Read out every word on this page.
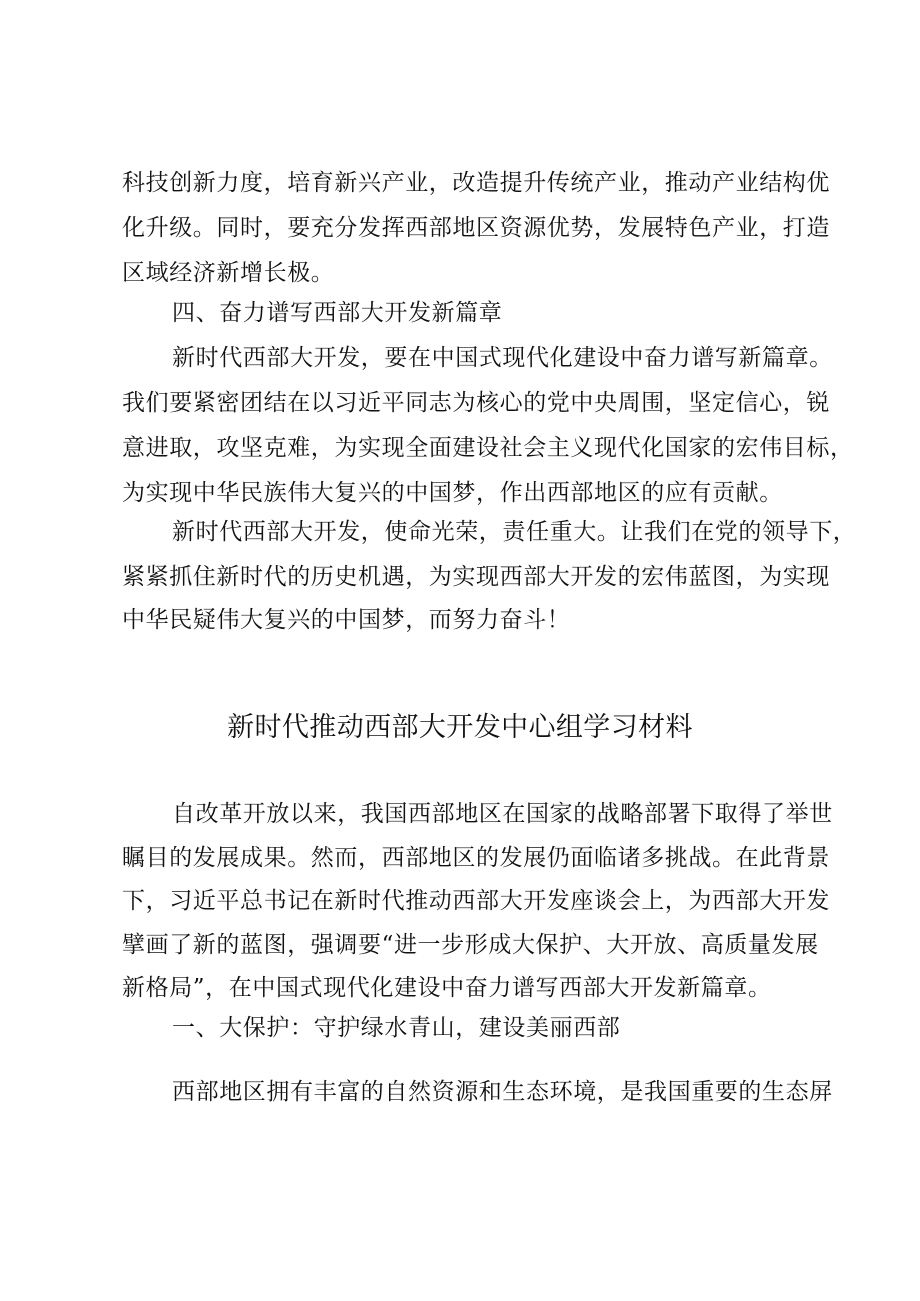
科技创新力度，培育新兴产业，改造提升传统产业，推动产业结构优
化升级。同时，要充分发挥西部地区资源优势，发展特色产业，打造
区域经济新增长极。
四、奋力谱写西部大开发新篇章
新时代西部大开发，要在中国式现代化建设中奋力谱写新篇章。
我们要紧密团结在以习近平同志为核心的党中央周围，坚定信心，锐
意进取，攻坚克难，为实现全面建设社会主义现代化国家的宏伟目标，
为实现中华民族伟大复兴的中国梦，作出西部地区的应有贡献。
新时代西部大开发，使命光荣，责任重大。让我们在党的领导下，
紧紧抓住新时代的历史机遇，为实现西部大开发的宏伟蓝图，为实现
中华民疑伟大复兴的中国梦，而努力奋斗！
新时代推动西部大开发中心组学习材料
自改革开放以来，我国西部地区在国家的战略部署下取得了举世
瞩目的发展成果。然而，西部地区的发展仍面临诸多挑战。在此背景
下，习近平总书记在新时代推动西部大开发座谈会上，为西部大开发
擘画了新的蓝图，强调要“进一步形成大保护、大开放、高质量发展
新格局”，在中国式现代化建设中奋力谱写西部大开发新篇章。
一、大保护：守护绿水青山，建设美丽西部
西部地区拥有丰富的自然资源和生态环境，是我国重要的生态屏
